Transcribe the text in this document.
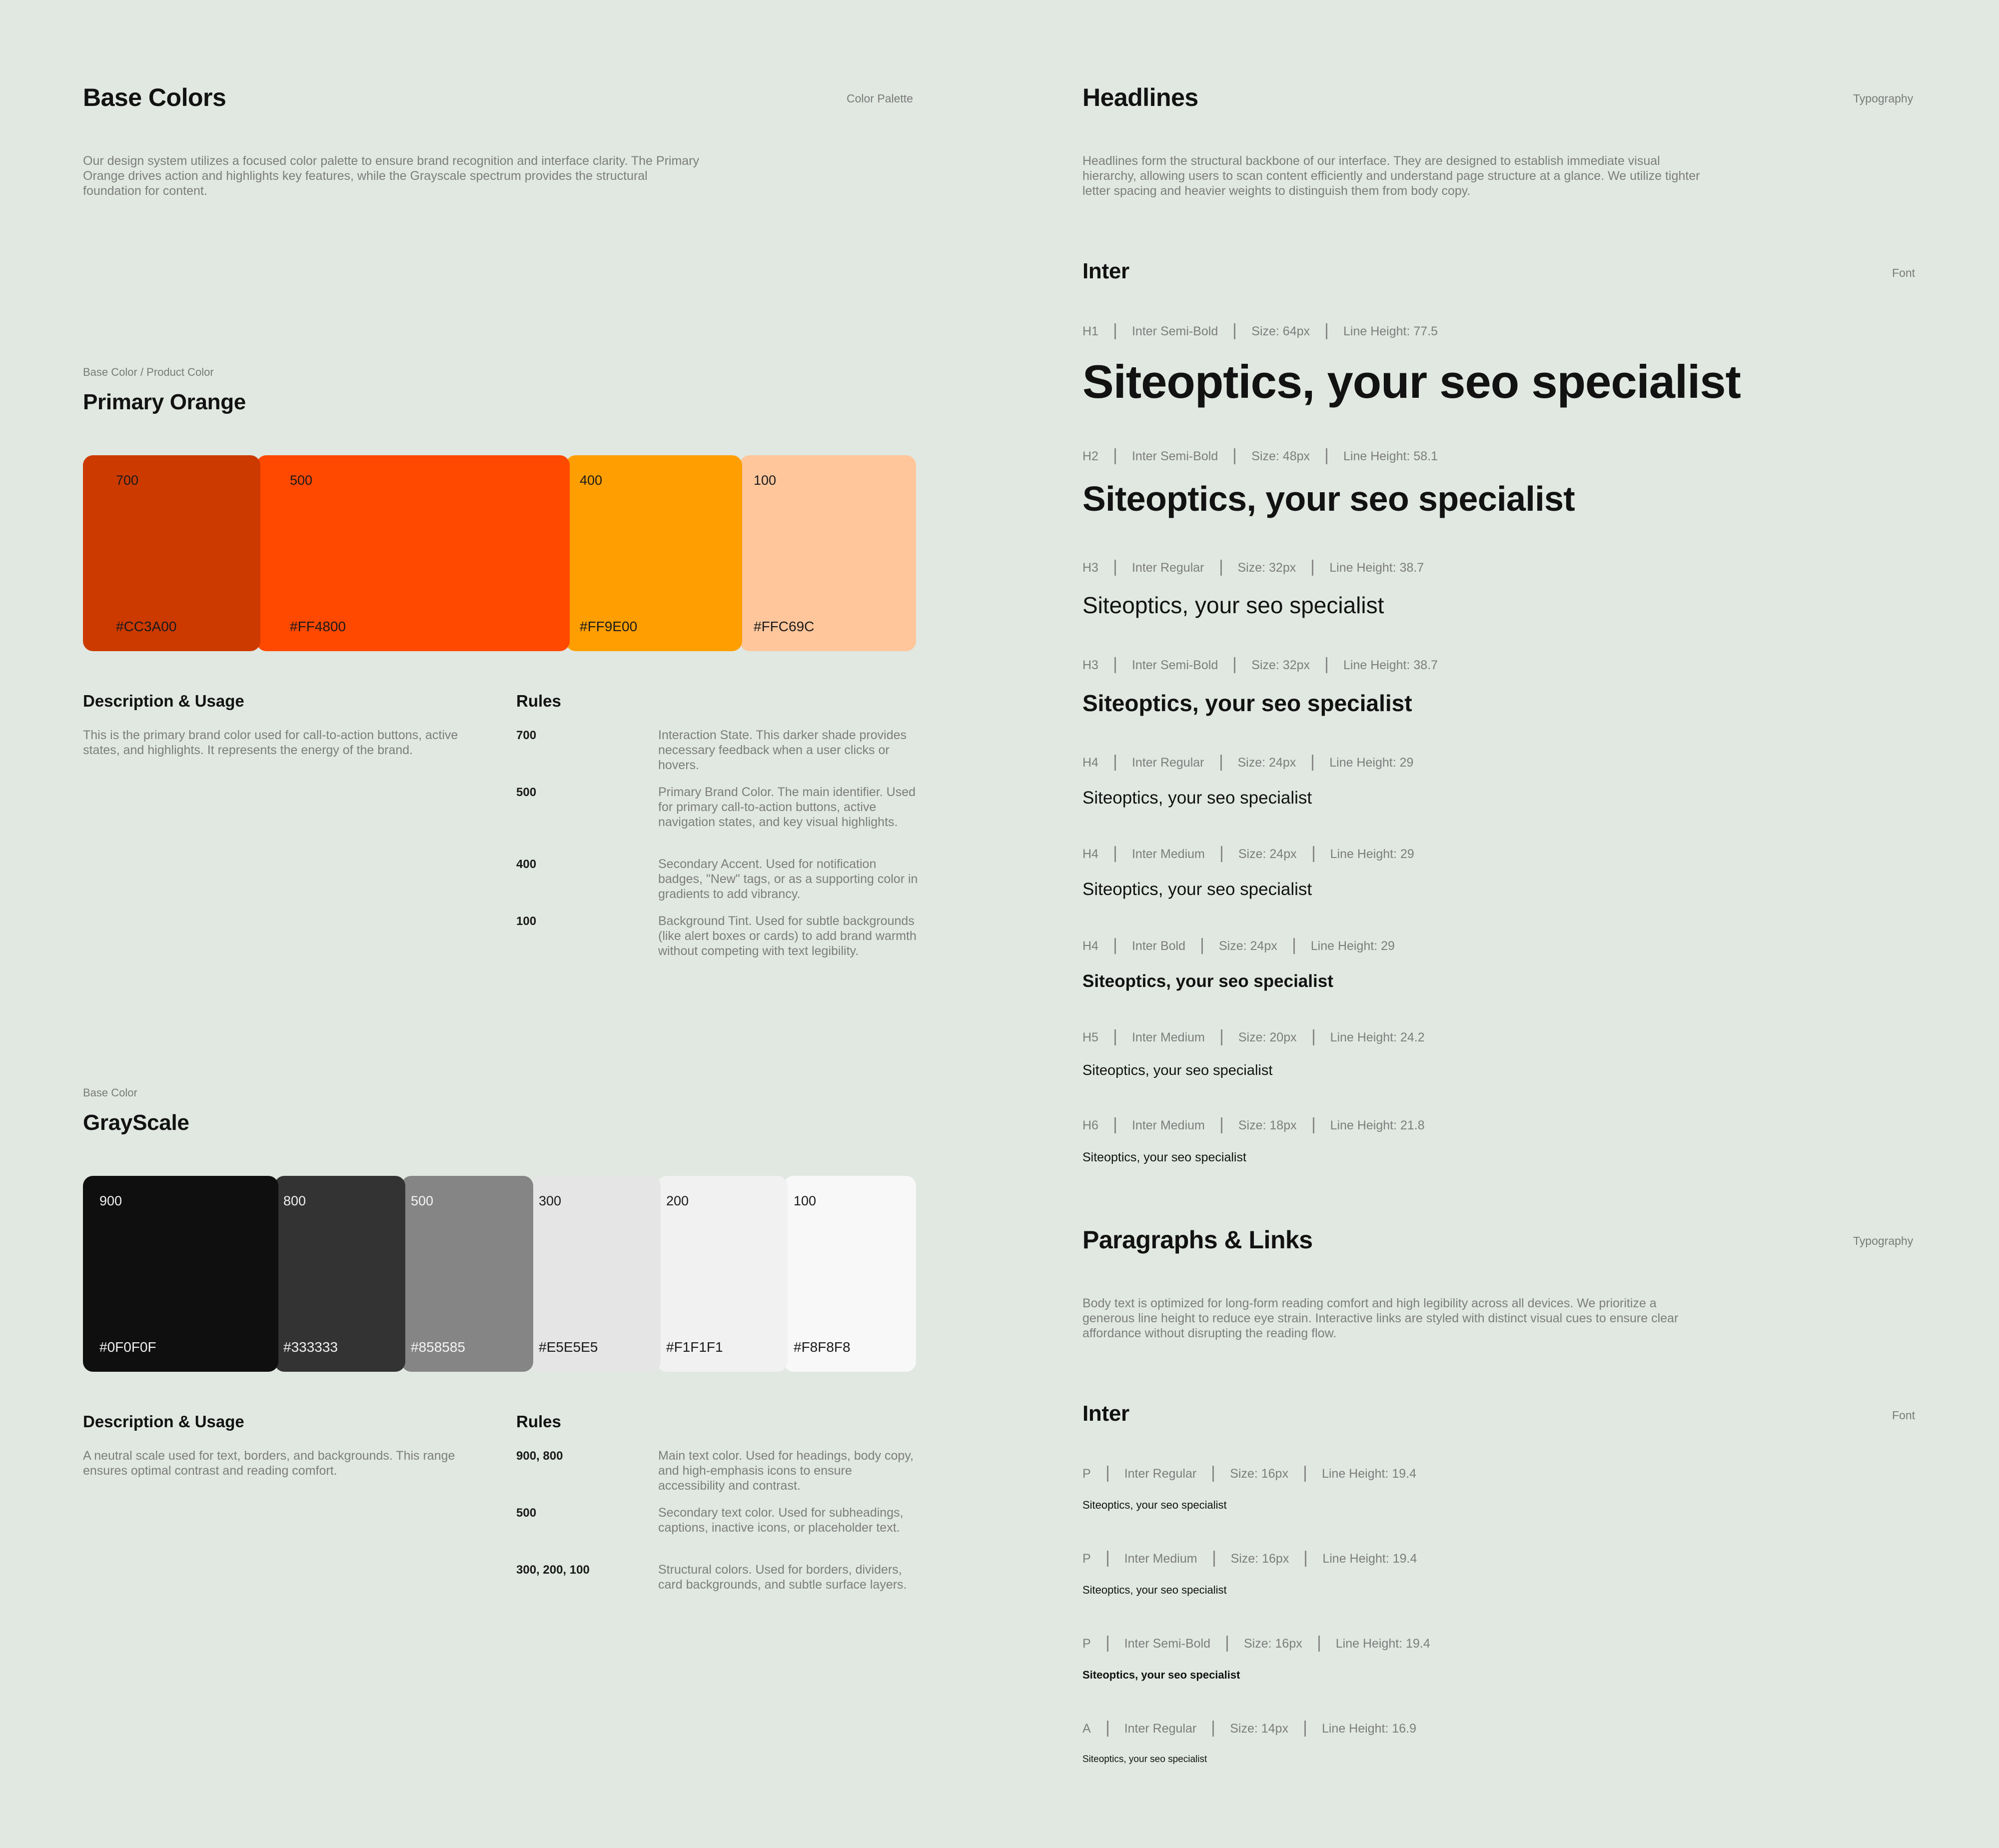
Base Colors	Color Palette

Our design system utilizes a focused color palette to ensure brand recognition and interface clarity. The Primary Orange drives action and highlights key features, while the Grayscale spectrum provides the structural foundation for content.

Base Color / Product Color
Primary Orange
700
#CC3A00
500
#FF4800
400
#FF9E00
100
#FFC69C
Description & Usage

This is the primary brand color used for call-to-action buttons, active states, and highlights. It represents the energy of the brand.

Rules
700	Interaction State. This darker shade provides necessary feedback when a user clicks or hovers.

500	Primary Brand Color. The main identifier. Used for primary call-to-action buttons, active navigation states, and key visual highlights.

400	Secondary Accent. Used for notification badges, "New" tags, or as a supporting color in gradients to add vibrancy.

100	Background Tint. Used for subtle backgrounds (like alert boxes or cards) to add brand warmth without competing with text legibility.

Base Color
GrayScale
900
#0F0F0F
800
#333333
500
#858585
300
#E5E5E5
200
#F1F1F1
100
#F8F8F8
Description & Usage

A neutral scale used for text, borders, and backgrounds. This range ensures optimal contrast and reading comfort.

Rules
900, 800	Main text color. Used for headings, body copy, and high-emphasis icons to ensure accessibility and contrast.

500	Secondary text color. Used for subheadings, captions, inactive icons, or placeholder text.

300, 200, 100	Structural colors. Used for borders, dividers, card backgrounds, and subtle surface layers.

Headlines	Typography

Headlines form the structural backbone of our interface. They are designed to establish immediate visual hierarchy, allowing users to scan content efficiently and understand page structure at a glance. We utilize tighter letter spacing and heavier weights to distinguish them from body copy.

Inter	Font
H1	Inter Semi-Bold	Size: 64px	Line Height: 77.5
Siteoptics, your seo specialist
H2	Inter Semi-Bold	Size: 48px	Line Height: 58.1
Siteoptics, your seo specialist
H3	Inter Regular	Size: 32px	Line Height: 38.7
Siteoptics, your seo specialist
H3	Inter Semi-Bold	Size: 32px	Line Height: 38.7
Siteoptics, your seo specialist
H4	Inter Regular	Size: 24px	Line Height: 29
Siteoptics, your seo specialist
H4	Inter Medium	Size: 24px	Line Height: 29
Siteoptics, your seo specialist
H4	Inter Bold	Size: 24px	Line Height: 29
Siteoptics, your seo specialist
H5	Inter Medium	Size: 20px	Line Height: 24.2
Siteoptics, your seo specialist
H6	Inter Medium	Size: 18px	Line Height: 21.8
Siteoptics, your seo specialist
Paragraphs & Links	Typography

Body text is optimized for long-form reading comfort and high legibility across all devices. We prioritize a generous line height to reduce eye strain. Interactive links are styled with distinct visual cues to ensure clear affordance without disrupting the reading flow.

Inter	Font
P	Inter Regular	Size: 16px	Line Height: 19.4
Siteoptics, your seo specialist
P	Inter Medium	Size: 16px	Line Height: 19.4
Siteoptics, your seo specialist
P	Inter Semi-Bold	Size: 16px	Line Height: 19.4
Siteoptics, your seo specialist
A	Inter Regular	Size: 14px	Line Height: 16.9
Siteoptics, your seo specialist
